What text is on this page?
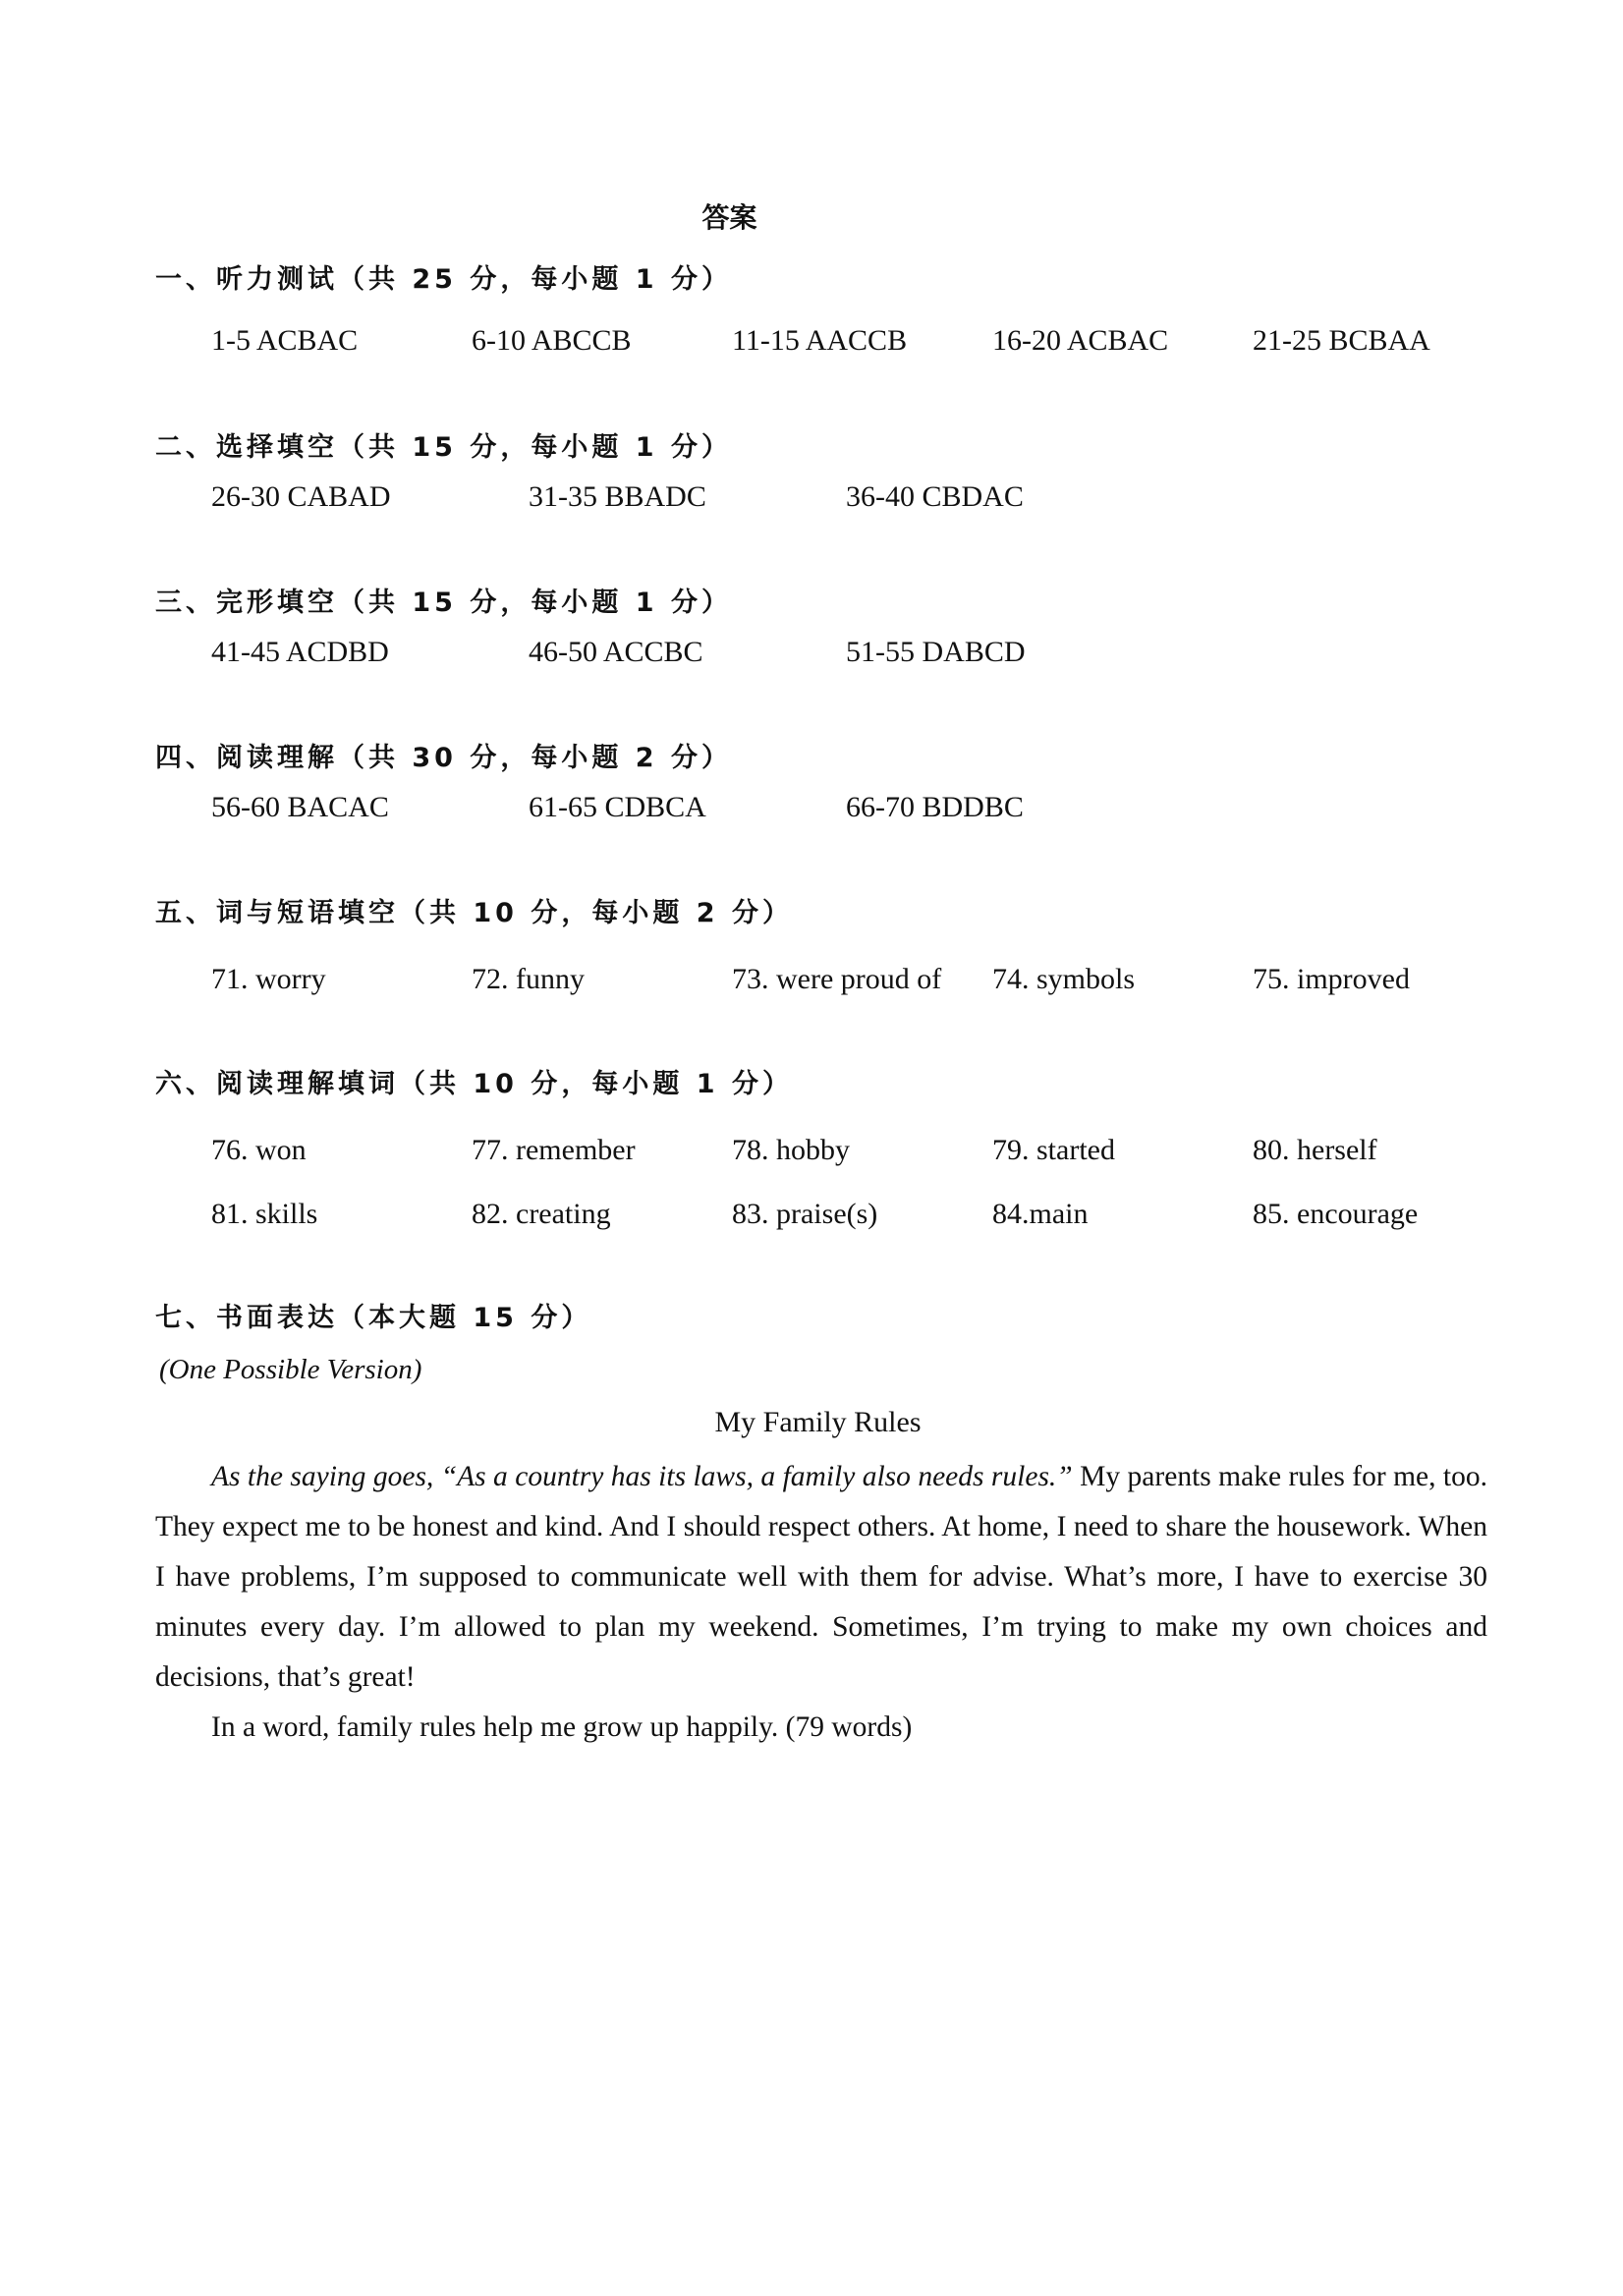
答案
一、听力测试（共 25 分，每小题 1 分）
1-5 ACBAC	6-10 ABCCB	11-15 AACCB	16-20 ACBAC	21-25 BCBAA
二、选择填空（共 15 分，每小题 1 分）
26-30 CABAD	31-35 BBADC	36-40 CBDAC
三、完形填空（共 15 分，每小题 1 分）
41-45 ACDBD	46-50 ACCBC	51-55 DABCD
四、阅读理解（共 30 分，每小题 2 分）
56-60 BACAC	61-65 CDBCA	66-70 BDDBC
五、词与短语填空（共 10 分，每小题 2 分）
71. worry	72. funny	73. were proud of 74. symbols	75. improved
六、阅读理解填词（共 10 分，每小题 1 分）
76. won	77. remember	78. hobby	79. started	80. herself
81. skills	82. creating	83. praise(s)	84.main	85. encourage
七、书面表达（本大题 15 分）
(One Possible Version)
My Family Rules

As the saying goes, “As a country has its laws, a family also needs rules.” My parents make rules for me, too. They expect me to be honest and kind. And I should respect others. At home, I need to share the housework. When I have problems, I’m supposed to communicate well with them for advise. What’s more, I have to exercise 30 minutes every day. I’m allowed to plan my weekend. Sometimes, I’m trying to make my own choices and decisions, that’s great!

In a word, family rules help me grow up happily. (79 words)
